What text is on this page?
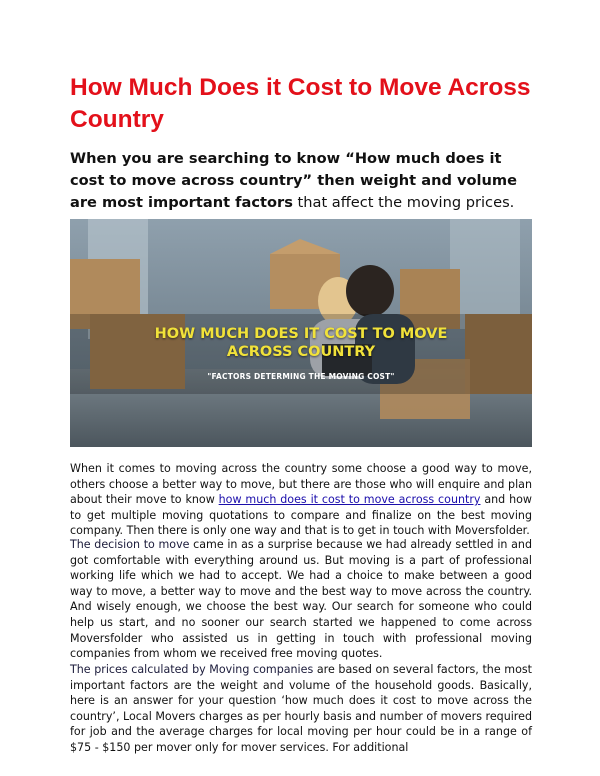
How Much Does it Cost to Move Across Country

When you are searching to know “How much does it cost to move across country” then weight and volume are most important factors that affect the moving prices.

HOW MUCH DOES IT COST TO MOVE
ACROSS COUNTRY
"FACTORS DETERMING THE MOVING COST"

When it comes to moving across the country some choose a good way to move, others choose a better way to move, but there are those who will enquire and plan about their move to know how much does it cost to move across country and how to get multiple moving quotations to compare and finalize on the best moving company. Then there is only one way and that is to get in touch with Moversfolder.

The decision to move came in as a surprise because we had already settled in and got comfortable with everything around us. But moving is a part of professional working life which we had to accept. We had a choice to make between a good way to move, a better way to move and the best way to move across the country. And wisely enough, we choose the best way. Our search for someone who could help us start, and no sooner our search started we happened to come across Moversfolder who assisted us in getting in touch with professional moving companies from whom we received free moving quotes.

The prices calculated by Moving companies are based on several factors, the most important factors are the weight and volume of the household goods. Basically, here is an answer for your question ‘how much does it cost to move across the country’, Local Movers charges as per hourly basis and number of movers required for job and the average charges for local moving per hour could be in a range of $75 - $150 per mover only for mover services. For additional
